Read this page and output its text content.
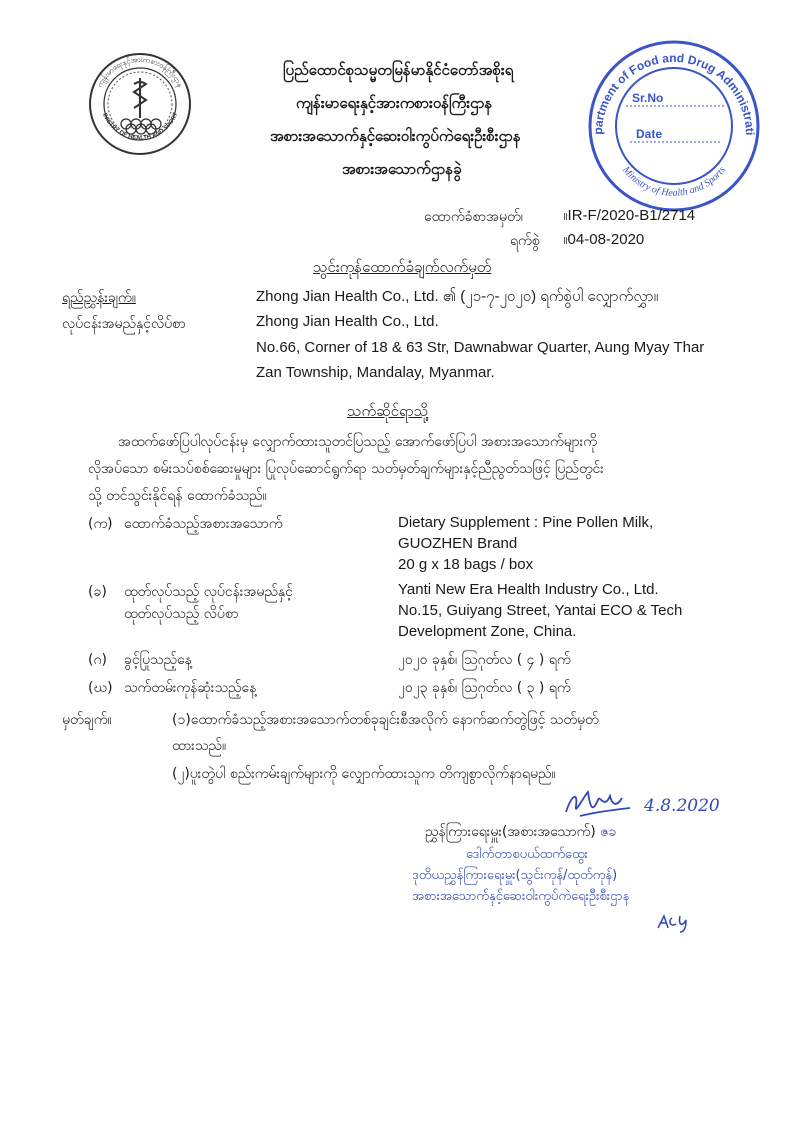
ကျန်းမာရေးနှင့်အားကစားဝန်ကြီးဌာန
INISTRY OF HEALTH AND SPORT
ပြည်ထောင်စုသမ္မတမြန်မာနိုင်ငံတော်အစိုးရ
ကျန်းမာရေးနှင့်အားကစားဝန်ကြီးဌာန
အစားအသောက်နှင့်ဆေးဝါးကွပ်ကဲရေးဦးစီးဌာန
အစားအသောက်ဌာနခွဲ
partment of Food and Drug Administrati
Ministry of Health and Sports
Sr.No
Date
ထောက်ခံစာအမှတ်၊	။IR-F/2020-B1/2714
ရက်စွဲ ။04-08-2020
သွင်းကုန်ထောက်ခံချက်လက်မှတ်
ရည်ညွှန်းချက်။	Zhong Jian Health Co., Ltd. ၏ (၂၁-၇-၂၀၂၀) ရက်စွဲပါ လျှောက်လွှာ။
လုပ်ငန်းအမည်နှင့်လိပ်စာ	Zhong Jian Health Co., Ltd.
No.66, Corner of 18 & 63 Str, Dawnabwar Quarter, Aung Myay Thar
Zan Township, Mandalay, Myanmar.
သက်ဆိုင်ရာသို့
အထက်ဖော်ပြပါလုပ်ငန်းမှ လျှောက်ထားသူတင်ပြသည့် အောက်ဖော်ပြပါ အစားအသောက်များကို
လိုအပ်သော စမ်းသပ်စစ်ဆေးမှုများ ပြုလုပ်ဆောင်ရွက်ရာ သတ်မှတ်ချက်များနှင့်ညီညွတ်သဖြင့် ပြည်တွင်း
သို့ တင်သွင်းနိုင်ရန် ထောက်ခံသည်။
(က) ထောက်ခံသည့်အစားအသောက်	Dietary Supplement : Pine Pollen Milk,
GUOZHEN Brand
20 g x 18 bags / box
(ခ) ထုတ်လုပ်သည့် လုပ်ငန်းအမည်နှင့်
ထုတ်လုပ်သည့် လိပ်စာ
Yanti New Era Health Industry Co., Ltd.
No.15, Guiyang Street, Yantai ECO & Tech
Development Zone, China.
(ဂ) ခွင့်ပြုသည့်နေ့	၂၀၂၀ ခုနှစ်၊ ဩဂုတ်လ ( ၄ ) ရက်
(ဃ) သက်တမ်းကုန်ဆုံးသည့်နေ့	၂၀၂၃ ခုနှစ်၊ ဩဂုတ်လ ( ၃ ) ရက်
မှတ်ချက်။	(၁)ထောက်ခံသည့်အစားအသောက်တစ်ခုချင်းစီအလိုက် နောက်ဆက်တွဲဖြင့် သတ်မှတ်
ထားသည်။
(၂)ပူးတွဲပါ စည်းကမ်းချက်များကို လျှောက်ထားသူက တိကျစွာလိုက်နာရမည်။
4.8.2020
ညွှန်ကြားရေးမှူး(အစားအသောက်) ဇခ
ဒေါက်တာစပယ်ထက်ထွေး
ဒုတိယညွှန်ကြားရေးမှူး(သွင်းကုန်/ထုတ်ကုန်)
အစားအသောက်နှင့်ဆေးဝါးကွပ်ကဲရေးဦးစီးဌာန
